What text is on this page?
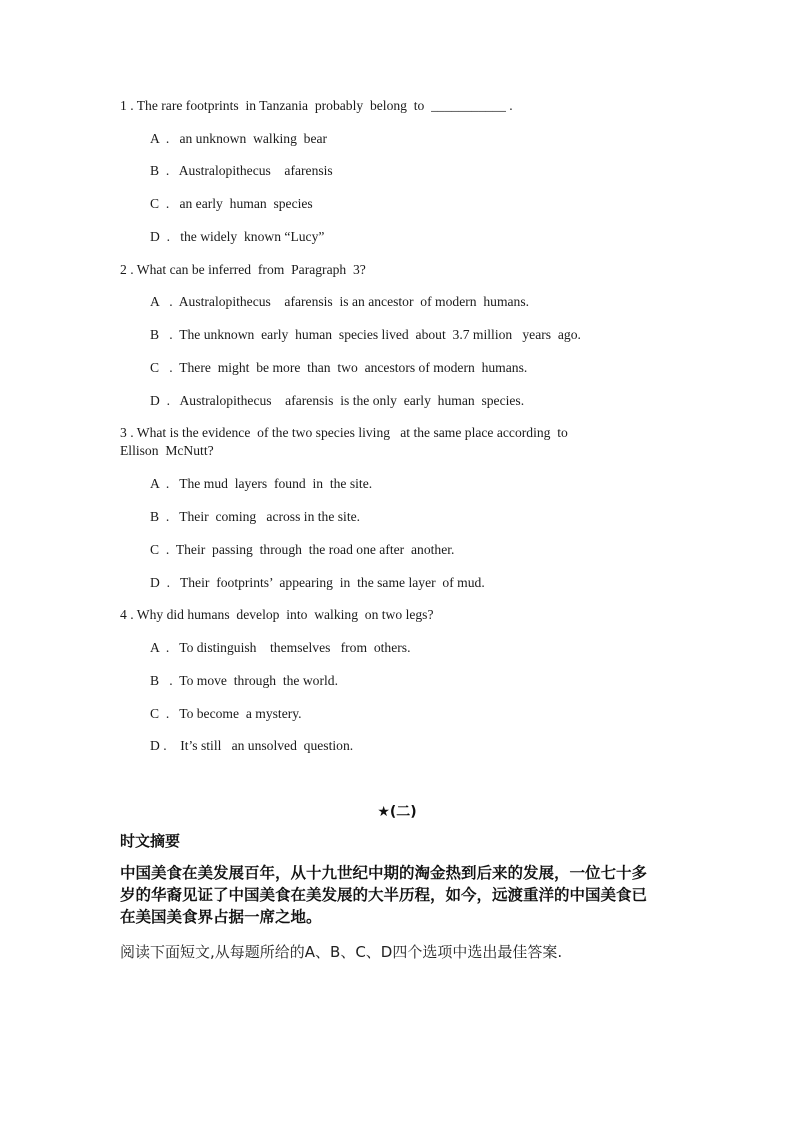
1 . The rare footprints  in Tanzania  probably  belong  to  ___________ .
A  .   an unknown  walking  bear
B  .   Australopithecus    afarensis
C  .   an early  human  species
D  .   the widely  known “Lucy”
2 . What can be inferred  from  Paragraph  3?
A   .  Australopithecus    afarensis  is an ancestor  of modern  humans.
B   .  The unknown  early  human  species lived  about  3.7 million   years  ago.
C   .  There  might  be more  than  two  ancestors of modern  humans.
D  .   Australopithecus    afarensis  is the only  early  human  species.
3 . What is the evidence  of the two species living   at the same place according  to
Ellison  McNutt?
A  .   The mud  layers  found  in  the site.
B  .   Their  coming   across in the site.
C  .  Their  passing  through  the road one after  another.
D  .   Their  footprints’  appearing  in  the same layer  of mud.
4 . Why did humans  develop  into  walking  on two legs?
A  .   To distinguish    themselves   from  others.
B   .  To move  through  the world.
C  .   To become  a mystery.
D .    It’s still   an unsolved  question.
★(二)
时文摘要
中国美食在美发展百年，从十九世纪中期的淘金热到后来的发展，一位七十多
岁的华裔见证了中国美食在美发展的大半历程，如今，远渡重洋的中国美食已
在美国美食界占据一席之地。
阅读下面短文,从每题所给的A、B、C、D四个选项中选出最佳答案.
